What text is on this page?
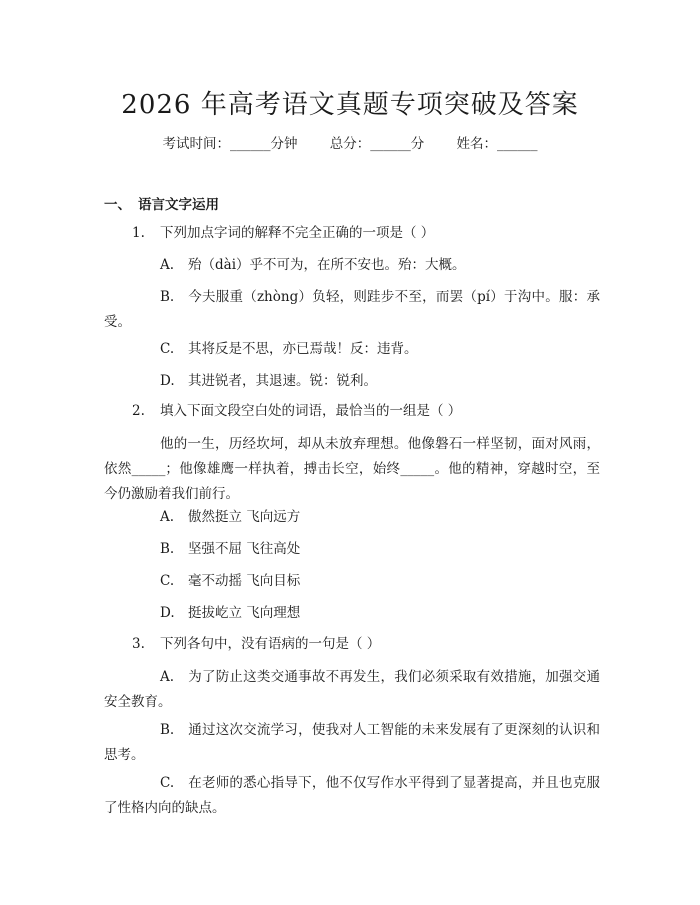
2026 年高考语文真题专项突破及答案
考试时间：______分钟 总分：______分 姓名：______
一、 语言文字运用
1. 下列加点字词的解释不完全正确的一项是（ ）
A. 殆（dài）乎不可为，在所不安也。殆：大概。
B. 今夫服重（zhòng）负轻，则跬步不至，而罢（pí）于沟中。服：承受。
C. 其将反是不思，亦已焉哉！反：违背。
D. 其进锐者，其退速。锐：锐利。
2. 填入下面文段空白处的词语，最恰当的一组是（ ）
他的一生，历经坎坷，却从未放弃理想。他像磐石一样坚韧，面对风雨，依然_____；他像雄鹰一样执着，搏击长空，始终_____。他的精神，穿越时空，至今仍激励着我们前行。
A. 傲然挺立 飞向远方
B. 坚强不屈 飞往高处
C. 毫不动摇 飞向目标
D. 挺拔屹立 飞向理想
3. 下列各句中，没有语病的一句是（ ）
A. 为了防止这类交通事故不再发生，我们必须采取有效措施，加强交通安全教育。
B. 通过这次交流学习，使我对人工智能的未来发展有了更深刻的认识和思考。
C. 在老师的悉心指导下，他不仅写作水平得到了显著提高，并且也克服了性格内向的缺点。
